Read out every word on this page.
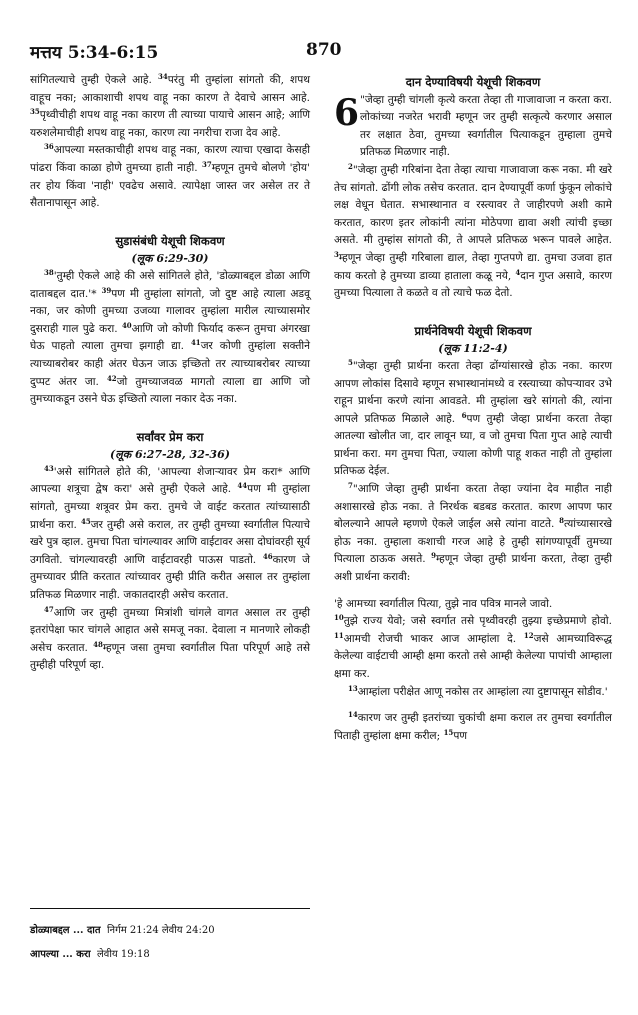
मत्तय 5:34-6:15	870

सांगितल्याचे तुम्ही ऐकले आहे. $^{34}$परंतु मी तुम्हांला सांगतो की, शपथ वाहूच नका; आकाशाची शपथ वाहू नका कारण ते देवाचे आसन आहे. $^{35}$पृथ्वीचीही शपथ वाहू नका कारण ती त्याच्या पायाचे आसन आहे; आणि यरुशलेमाचीही शपथ वाहू नका, कारण त्या नगरीचा राजा देव आहे.

$^{36}$आपल्या मस्तकाचीही शपथ वाहू नका, कारण त्याचा एखादा केसही पांढरा किंवा काळा होणे तुमच्या हाती नाही. $^{37}$म्हणून तुमचे बोलणे 'होय' तर होय किंवा 'नाही' एवढेच असावे. त्यापेक्षा जास्त जर असेल तर ते सैतानापासून आहे.

सुडासंबंधी येशूची शिकवण
(लूक 6:29-30)

$^{38}$'तुम्ही ऐकले आहे की असे सांगितले होते, 'डोळ्याबद्दल डोळा आणि दाताबद्दल दात.'* $^{39}$पण मी तुम्हांला सांगतो, जो दुष्ट आहे त्याला अडवू नका, जर कोणी तुमच्या उजव्या गालावर तुम्हांला मारील त्याच्यासमोर दुसराही गाल पुढे करा. $^{40}$आणि जो कोणी फिर्याद करून तुमचा अंगरखा घेऊ पाहतो त्याला तुमचा झगाही द्या. $^{41}$जर कोणी तुम्हांला सक्तीने त्याच्याबरोबर काही अंतर घेऊन जाऊ इच्छितो तर त्याच्याबरोबर त्याच्या दुप्पट अंतर जा. $^{42}$जो तुमच्याजवळ मागतो त्याला द्या आणि जो तुमच्याकडून उसने घेऊ इच्छितो त्याला नकार देऊ नका.

सर्वांवर प्रेम करा
(लूक 6:27-28, 32-36)

$^{43}$'असे सांगितले होते की, 'आपल्या शेजाऱ्यावर प्रेम करा* आणि आपल्या शत्रूचा द्वेष करा' असे तुम्ही ऐकले आहे. $^{44}$पण मी तुम्हांला सांगतो, तुमच्या शत्रूवर प्रेम करा. तुमचे जे वाईट करतात त्यांच्यासाठी प्रार्थना करा. $^{45}$जर तुम्ही असे कराल, तर तुम्ही तुमच्या स्वर्गातील पित्याचे खरे पुत्र व्हाल. तुमचा पिता चांगल्यावर आणि वाईटावर असा दोघांवरही सूर्य उगवितो. चांगल्यावरही आणि वाईटावरही पाऊस पाडतो. $^{46}$कारण जे तुमच्यावर प्रीति करतात त्यांच्यावर तुम्ही प्रीति करीत असाल तर तुम्हांला प्रतिफळ मिळणार नाही. जकातदारही असेच करतात.

$^{47}$आणि जर तुम्ही तुमच्या मित्रांशी चांगले वागत असाल तर तुम्ही इतरांपेक्षा फार चांगले आहात असे समजू नका. देवाला न मानणारे लोकही असेच करतात. $^{48}$म्हणून जसा तुमचा स्वर्गातील पिता परिपूर्ण आहे तसे तुम्हीही परिपूर्ण व्हा.

डोळ्याबद्दल ... दात निर्गम 21:24 लेवीय 24:20
आपल्या ... करा लेवीय 19:18
दान देण्याविषयी येशूची शिकवण
6 "जेव्हा तुम्ही चांगली कृत्ये करता तेव्हा ती गाजावाजा न करता करा. लोकांच्या नजरेत भरावी म्हणून जर तुम्ही सत्कृत्ये करणार असाल तर लक्षात ठेवा, तुमच्या स्वर्गातील पित्याकडून तुम्हाला तुमचे प्रतिफळ मिळणार नाही.

$^2$"जेव्हा तुम्ही गरिबांना देता तेव्हा त्याचा गाजावाजा करू नका. मी खरे तेच सांगतो. ढोंगी लोक तसेच करतात. दान देण्यापूर्वी कर्णा फुंकून लोकांचे लक्ष वेधून घेतात. सभास्थानात व रस्त्यावर ते जाहीरपणे अशी कामे करतात, कारण इतर लोकांनी त्यांना मोठेपणा द्यावा अशी त्यांची इच्छा असते. मी तुम्हांस सांगतो की, ते आपले प्रतिफळ भरून पावले आहेत. $^3$म्हणून जेव्हा तुम्ही गरिबाला द्याल, तेव्हा गुप्तपणे द्या. तुमचा उजवा हात काय करतो हे तुमच्या डाव्या हाताला कळू नये, $^4$दान गुप्त असावे, कारण तुमच्या पित्याला ते कळते व तो त्याचे फळ देतो.

प्रार्थनेविषयी येशूची शिकवण
(लूक 11:2-4)

$^5$"जेव्हा तुम्ही प्रार्थना करता तेव्हा ढोंग्यांसारखे होऊ नका. कारण आपण लोकांस दिसावे म्हणून सभास्थानांमध्ये व रस्त्याच्या कोपऱ्यावर उभे राहून प्रार्थना करणे त्यांना आवडते. मी तुम्हांला खरे सांगतो की, त्यांना आपले प्रतिफळ मिळाले आहे. $^6$पण तुम्ही जेव्हा प्रार्थना करता तेव्हा आतल्या खोलीत जा, दार लावून घ्या, व जो तुमचा पिता गुप्त आहे त्याची प्रार्थना करा. मग तुमचा पिता, ज्याला कोणी पाहू शकत नाही तो तुम्हांला प्रतिफळ देईल.

$^7$"आणि जेव्हा तुम्ही प्रार्थना करता तेव्हा ज्यांना देव माहीत नाही अशासारखे होऊ नका. ते निरर्थक बडबड करतात. कारण आपण फार बोलल्याने आपले म्हणणे ऐकले जाईल असे त्यांना वाटते. $^8$त्यांच्यासारखे होऊ नका. तुम्हाला कशाची गरज आहे हे तुम्ही सांगण्यापूर्वी तुमच्या पित्याला ठाऊक असते. $^9$म्हणून जेव्हा तुम्ही प्रार्थना करता, तेव्हा तुम्ही अशी प्रार्थना करावी:

'हे आमच्या स्वर्गातील पित्या, तुझे नाव पवित्र मानले जावो.

$^{10}$तुझे राज्य येवो; जसे स्वर्गात तसे पृथ्वीवरही तुझ्या इच्छेप्रमाणे होवो. $^{11}$आमची रोजची भाकर आज आम्हांला दे. $^{12}$जसे आमच्याविरूद्ध केलेल्या वाईटाची आम्ही क्षमा करतो तसे आम्ही केलेल्या पापांची आम्हाला क्षमा कर.

$^{13}$आम्हांला परीक्षेत आणू नकोस तर आम्हांला त्या दुष्टापासून सोडीव.'

$^{14}$कारण जर तुम्ही इतरांच्या चुकांची क्षमा कराल तर तुमचा स्वर्गातील पिताही तुम्हांला क्षमा करील; $^{15}$पण
